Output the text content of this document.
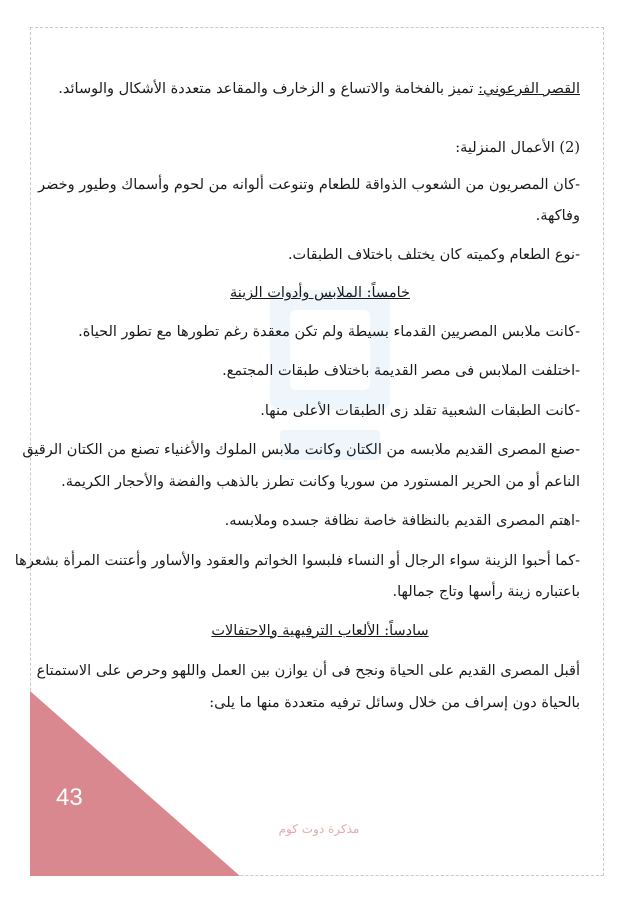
القصر الفرعوني: تميز بالفخامة والاتساع و الزخارف والمقاعد متعددة الأشكال والوسائد.

(2) الأعمال المنزلية:

-كان المصريون من الشعوب الذواقة للطعام وتنوعت ألوانه من لحوم وأسماك وطيور وخضر

وفاكهة.

-نوع الطعام وكميته كان يختلف باختلاف الطبقات.

خامساً: الملابس وأدوات الزينة

-كانت ملابس المصريين القدماء بسيطة ولم تكن معقدة رغم تطورها مع تطور الحياة.

-اختلفت الملابس فى مصر القديمة باختلاف طبقات المجتمع.

-كانت الطبقات الشعبية تقلد زى الطبقات الأعلى منها.

-صنع المصرى القديم ملابسه من الكتان وكانت ملابس الملوك والأغنياء تصنع من الكتان الرقيق

الناعم أو من الحرير المستورد من سوريا وكانت تطرز بالذهب والفضة والأحجار الكريمة.

-اهتم المصرى القديم بالنظافة خاصة نظافة جسده وملابسه.

-كما أحبوا الزينة سواء الرجال أو النساء فلبسوا الخواتم والعقود والأساور وأعتنت المرأة بشعرها

باعتباره زينة رأسها وتاج جمالها.

سادساً: الألعاب الترفيهية والاحتفالات

أقبل المصرى القديم على الحياة ونجح فى أن يوازن بين العمل واللهو وحرص على الاستمتاع

بالحياة دون إسراف من خلال وسائل ترفيه متعددة منها ما يلى:

43
مذكرة دوت كوم
